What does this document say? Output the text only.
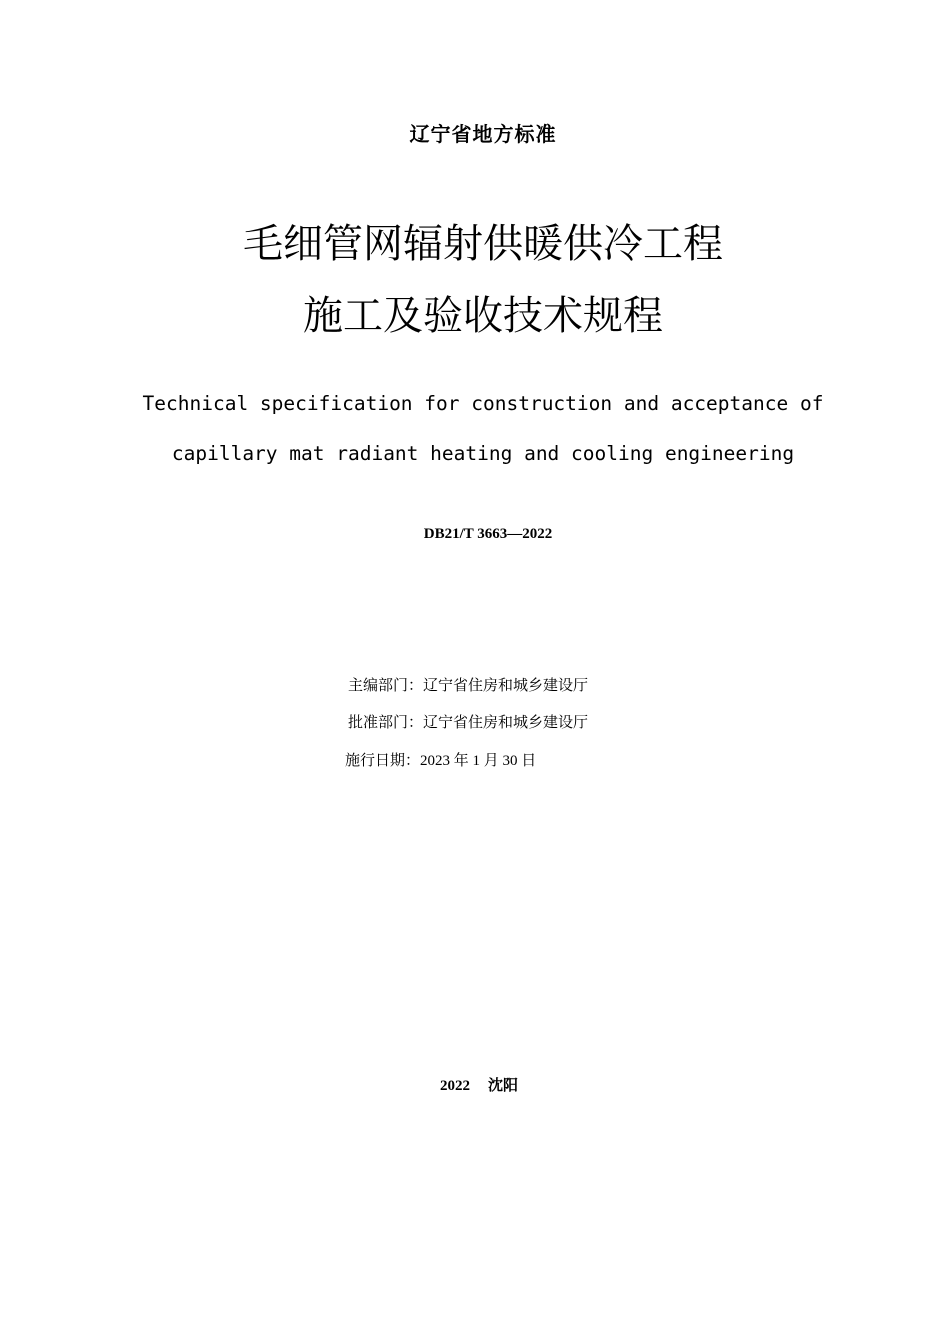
辽宁省地方标准
毛细管网辐射供暖供冷工程
施工及验收技术规程
Technical specification for construction and acceptance of
capillary mat radiant heating and cooling engineering
DB21/T 3663—2022
主编部门：辽宁省住房和城乡建设厅
批准部门：辽宁省住房和城乡建设厅
施行日期：2023 年 1 月 30 日
2022 沈阳
